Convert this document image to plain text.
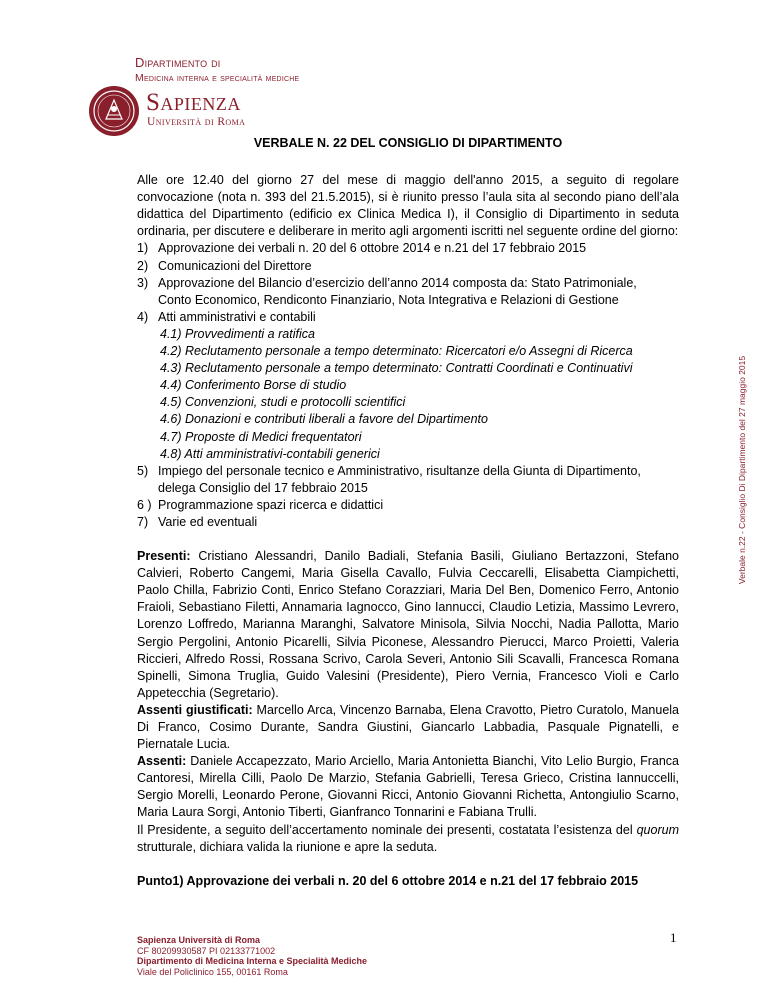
Dipartimento di
Medicina interna e specialità mediche
Sapienza
Università di Roma
Verbale n.22 - Consiglio Di Dipartimento del 27 maggio 2015
VERBALE N. 22 DEL CONSIGLIO DI DIPARTIMENTO

Alle ore 12.40 del giorno 27 del mese di maggio dell'anno 2015, a seguito di regolare convocazione (nota n. 393 del 21.5.2015), si è riunito presso l’aula sita al secondo piano dell’ala didattica del Dipartimento (edificio ex Clinica Medica I), il Consiglio di Dipartimento in seduta ordinaria, per discutere e deliberare in merito agli argomenti iscritti nel seguente ordine del giorno:

1) Approvazione dei verbali n. 20 del 6 ottobre 2014 e n.21 del 17 febbraio 2015
2) Comunicazioni del Direttore
3) Approvazione del Bilancio d’esercizio dell’anno 2014 composta da: Stato Patrimoniale,
Conto Economico, Rendiconto Finanziario, Nota Integrativa e Relazioni di Gestione
4) Atti amministrativi e contabili
4.1) Provvedimenti a ratifica
4.2) Reclutamento personale a tempo determinato: Ricercatori e/o Assegni di Ricerca
4.3) Reclutamento personale a tempo determinato: Contratti Coordinati e Continuativi
4.4) Conferimento Borse di studio
4.5) Convenzioni, studi e protocolli scientifici
4.6) Donazioni e contributi liberali a favore del Dipartimento
4.7) Proposte di Medici frequentatori
4.8) Atti amministrativi-contabili generici
5) Impiego del personale tecnico e Amministrativo, risultanze della Giunta di Dipartimento,
delega Consiglio del 17 febbraio 2015
6 ) Programmazione spazi ricerca e didattici
7) Varie ed eventuali

Presenti: Cristiano Alessandri, Danilo Badiali, Stefania Basili, Giuliano Bertazzoni, Stefano Calvieri, Roberto Cangemi, Maria Gisella Cavallo, Fulvia Ceccarelli, Elisabetta Ciampichetti, Paolo Chilla, Fabrizio Conti, Enrico Stefano Corazziari, Maria Del Ben, Domenico Ferro, Antonio Fraioli, Sebastiano Filetti, Annamaria Iagnocco, Gino Iannucci, Claudio Letizia, Massimo Levrero, Lorenzo Loffredo, Marianna Maranghi, Salvatore Minisola, Silvia Nocchi, Nadia Pallotta, Mario Sergio Pergolini, Antonio Picarelli, Silvia Piconese, Alessandro Pierucci, Marco Proietti, Valeria Riccieri, Alfredo Rossi, Rossana Scrivo, Carola Severi, Antonio Sili Scavalli, Francesca Romana Spinelli, Simona Truglia, Guido Valesini (Presidente), Piero Vernia, Francesco Violi e Carlo Appetecchia (Segretario).

Assenti giustificati: Marcello Arca, Vincenzo Barnaba, Elena Cravotto, Pietro Curatolo, Manuela Di Franco, Cosimo Durante, Sandra Giustini, Giancarlo Labbadia, Pasquale Pignatelli, e Piernatale Lucia.

Assenti: Daniele Accapezzato, Mario Arciello, Maria Antonietta Bianchi, Vito Lelio Burgio, Franca Cantoresi, Mirella Cilli, Paolo De Marzio, Stefania Gabrielli, Teresa Grieco, Cristina Iannuccelli, Sergio Morelli, Leonardo Perone, Giovanni Ricci, Antonio Giovanni Richetta, Antongiulio Scarno, Maria Laura Sorgi, Antonio Tiberti, Gianfranco Tonnarini e Fabiana Trulli.

Il Presidente, a seguito dell’accertamento nominale dei presenti, costatata l’esistenza del quorum strutturale, dichiara valida la riunione e apre la seduta.

Punto1) Approvazione dei verbali n. 20 del 6 ottobre 2014 e n.21 del 17 febbraio 2015
Sapienza Università di Roma
CF 80209930587 PI 02133771002
Dipartimento di Medicina Interna e Specialità Mediche
Viale del Policlinico 155, 00161 Roma
1
